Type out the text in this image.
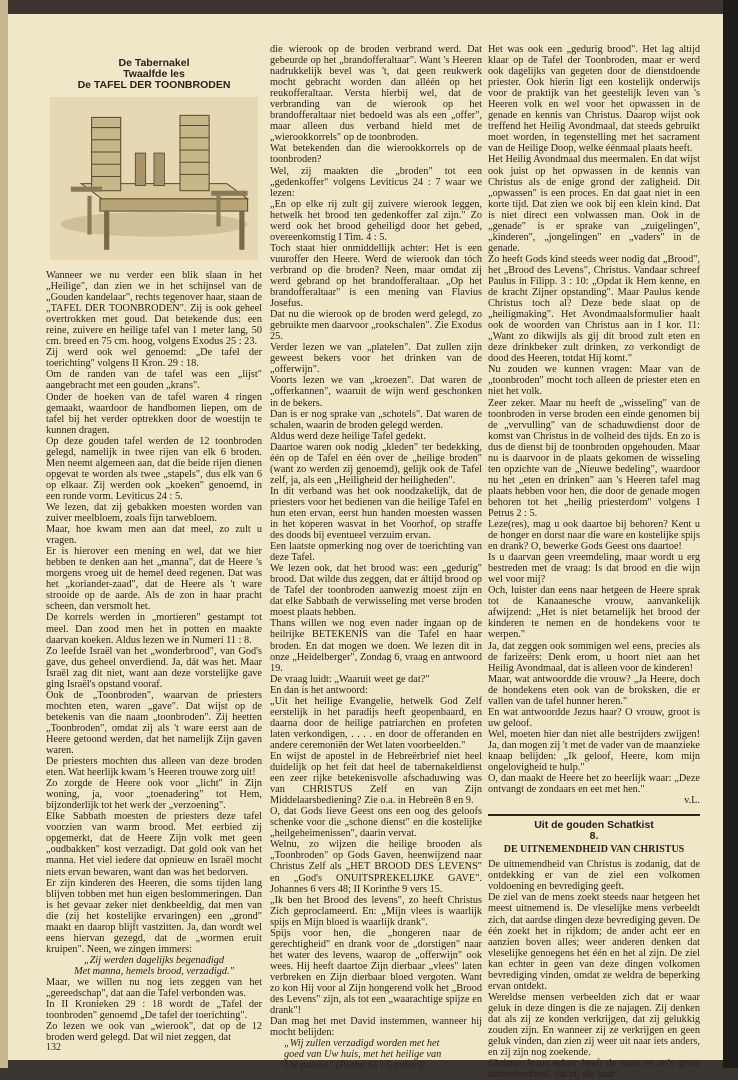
De Tabernakel
Twaalfde les
De TAFEL DER TOONBRODEN

Wanneer we nu verder een blik slaan in het „Heilige", dan zien we in het schijnsel van de „Gouden kandelaar", rechts tegenover haar, staan de „TAFEL DER TOONBRODEN". Zij is ook geheel overtrokken met goud. Dat betekende dus: een reine, zuivere en heilige tafel van 1 meter lang, 50 cm. breed en 75 cm. hoog, volgens Exodus 25 : 23.

Zij werd ook wel genoemd: „De tafel der toerichting" volgens II Kron. 29 : 18.

Om de randen van de tafel was een „lijst" aangebracht met een gouden „krans".

Onder de hoeken van de tafel waren 4 ringen gemaakt, waardoor de handbomen liepen, om de tafel bij het verder optrekken door de woestijn te kunnen dragen.

Op deze gouden tafel werden de 12 toonbroden gelegd, namelijk in twee rijen van elk 6 broden. Men neemt algemeen aan, dat die beide rijen dienen opgevat te worden als twee „stapels", dus elk van 6 op elkaar. Zij werden ook „koeken" genoemd, in een ronde vorm. Leviticus 24 : 5.

We lezen, dat zij gebakken moesten worden van zuiver meelbloem, zoals fijn tarwebloem.

Maar, hoe kwam men aan dat meel, zo zult u vragen.

Er is hierover een mening en wel, dat we hier hebben te denken aan het „manna", dat de Heere 's morgens vroeg uit de hemel deed regenen. Dat was het „koriander-zaad", dat de Heere als 't ware strooide op de aarde. Als de zon in haar pracht scheen, dan versmolt het.

De korrels werden in „mortieren" gestampt tot meel. Dan zood men het in potten en maakte daarvan koeken. Aldus lezen we in Numeri 11 : 8.

Zo leefde Israël van het „wonderbrood", van God's gave, dus geheel onverdiend. Ja, dát was het. Maar Israël zag dit niet, want aan deze vorstelijke gave ging Israël's opstand vooraf.

Ook de „Toonbroden", waarvan de priesters mochten eten, waren „gave". Dat wijst op de betekenis van die naam „toonbroden". Zij heetten „Toonbroden", omdat zij als 't ware eerst aan de Heere getoond werden, dat het namelijk Zijn gaven waren.

De priesters mochten dus alleen van deze broden eten. Wat heerlijk kwam 's Heeren trouwe zorg uit!

Zo zorgde de Heere ook voor „licht" in Zijn woning, ja, voor „toenadering" tot Hem, bijzonderlijk tot het werk der „verzoening".

Elke Sabbath moesten de priesters deze tafel voorzien van warm brood. Met eerbied zij opgemerkt, dat de Heere Zijn volk met geen „oudbakken" kost verzadigt. Dat gold ook van het manna. Het viel iedere dat opnieuw en Israël mocht niets ervan bewaren, want dan was het bedorven.

Er zijn kinderen des Heeren, die soms tijden lang blijven tobben met hun eigen beslommeringen. Dan is het gevaar zeker niet denkbeeldig, dat men van die (zij het kostelijke ervaringen) een „grond" maakt en daarop blijft vastzitten. Ja, dan wordt wel eens hiervan gezegd, dat de „wormen eruit kruipen". Neen, we zingen immers:

„Zij werden dagelijks begenadigd

Met manna, hemels brood, verzadigd."

Maar, we willen nu nog iets zeggen van het „gereedschap", dat aan die Tafel verbonden was.

In II Kronieken 29 : 18 wordt de „Tafel der toonbroden" genoemd „De tafel der toerichting".

Zo lezen we ook van „wierook", dat op de 12 broden werd gelegd. Dat wil niet zeggen, dat

die wierook op de broden verbrand werd. Dat gebeurde op het „brandofferaltaar". Want 's Heeren nadrukkelijk bevel was 't, dat geen reukwerk mocht gebracht worden dan alléén op het reukofferaltaar. Versta hierbij wel, dat de verbranding van de wierook op het brandofferaltaar niet bedoeld was als een „offer", maar alleen dus verband hield met de „wierookkorrels" op de toonbroden.

Wat betekenden dan die wierookkorrels op de toonbroden?

Wel, zij maakten die „broden" tot een „gedenkoffer" volgens Leviticus 24 : 7 waar we lezen:

„En op elke rij zult gij zuivere wierook leggen, hetwelk het brood ten gedenkoffer zal zijn." Zo werd ook het brood geheiligd door het gebed, overeenkomstig I Tim. 4 : 5.

Toch staat hier onmiddellijk achter: Het is een vuuroffer den Heere. Werd de wierook dan tóch verbrand op die broden? Neen, maar omdat zij werd gebrand op het brandofferaltaar. „Op het brandofferaltaar" is een mening van Flavius Josefus.

Dat nu die wierook op de broden werd gelegd, zo gebruikte men daarvoor „rookschalen". Zie Exodus 25.

Verder lezen we van „platelen". Dat zullen zijn geweest bekers voor het drinken van de „offerwijn".

Voorts lezen we van „kroezen". Dat waren de „offerkannen", waaruit de wijn werd geschonken in de bekers.

Dan is er nog sprake van „schotels". Dat waren de schalen, waarin de broden gelegd werden.

Aldus werd deze heilige Tafel gedekt.

Daartoe waren ook nodig „kleden" ter bedekking, één op de Tafel en één over de „heilige broden" (want zo werden zij genoemd), gelijk ook de Tafel zelf, ja, als een „Heiligheid der heiligheden".

In dit verband was het ook noodzakelijk, dat de priesters voor het bedienen van die heilige Tafel en hun eten ervan, eerst hun handen moesten wassen in het koperen wasvat in het Voorhof, op straffe des doods bij eventueel verzuim ervan.

Een laatste opmerking nog over de toerichting van deze Tafel.

We lezen ook, dat het brood was: een „gedurig" brood. Dat wilde dus zeggen, dat er áltijd brood op de Tafel der toonbroden aanwezig moest zijn en dat elke Sabbath de verwisseling met verse broden moest plaats hebben.

Thans willen we nog even nader ingaan op de heilrijke BETEKENIS van die Tafel en haar broden. En dat mogen we doen. We lezen dit in onze „Heidelberger", Zondag 6, vraag en antwoord 19.

De vraag luidt: „Waaruit weet ge dat?"

En dan is het antwoord:

„Uit het heilige Evangelie, hetwelk God Zelf eerstelijk in het paradijs heeft geopenbaard, en daarna door de heilige patriarchen en profeten laten verkondigen, . . . . en door de offeranden en andere ceremoniën der Wet laten voorbeelden."

En wijst de apostel in de Hebreërbrief niet heel duidelijk op het feit dat heel de tabernakeldienst een zeer rijke betekenisvolle afschaduwing was van CHRISTUS Zelf en van Zijn Middelaarsbediening? Zie o.a. in Hebreën 8 en 9.

O, dat Gods lieve Geest ons een oog des geloofs schenke voor die „schone dienst" en die kostelijke „heilgeheimenissen", daarin vervat.

Welnu, zo wijzen die heilige brooden als „Toonbroden" op Gods Gaven, heenwijzend naar Christus Zelf als „HET BROOD DES LEVENS" en „God's ONUITSPREKELIJKE GAVE". Johannes 6 vers 48; II Korinthe 9 vers 15.

„Ik ben het Brood des levens", zo heeft Christus Zich geproclameerd. En: „Mijn vlees is waarlijk spijs en Mijn bloed is waarlijk drank".

Spijs voor hen, die „hongeren naar de gerechtigheid" en drank voor de „dorstigen" naar het water des levens, waarop de „offerwijn" ook wees. Hij heeft daartoe Zijn dierbaar „vlees" laten verbreken en Zijn dierbaar bloed vergoten. Want zo kon Hij voor al Zijn hongerend volk het „Brood des Levens" zijn, als tot een „waarachtige spijze en drank"!

Dan mag het met David instemmen, wanneer hij mocht belijden:

„Wij zullen verzadigd worden met het

goed van Uw huis, met het heilige van

Uw paleis!" (Psalm 65 : 5 onber.).

Het was ook een „gedurig brood". Het lag altijd klaar op de Tafel der Toonbroden, maar er werd ook dagelijks van gegeten door de dienstdoende priester. Ook hierin ligt een kostelijk onderwijs voor de praktijk van het geestelijk leven van 's Heeren volk en wel voor het opwassen in de genade en kennis van Christus. Daarop wijst ook treffend het Heilig Avondmaal, dat steeds gebruikt moet worden, in tegenstelling met het sacrament van de Heilige Doop, welke éénmaal plaats heeft.

Het Heilig Avondmaal dus meermalen. En dat wijst ook juist op het opwassen in de kennis van Christus als de enige grond der zaligheid. Dit „opwassen" is een proces. En dat gaat niet in een korte tijd. Dat zien we ook bij een klein kind. Dat is niet direct een volwassen man. Ook in de „genade" is er sprake van „zuigelingen", „kinderen", „jongelingen" en „vaders" in de genade.

Zo heeft Gods kind steeds weer nodig dat „Brood", het „Brood des Levens", Christus. Vandaar schreef Paulus in Filipp. 3 : 10: „Opdat ik Hem kenne, en de kracht Zijner opstanding". Maar Paulus kende Christus toch al? Deze bede slaat op de „heiligmaking". Het Avondmaalsformulier haalt ook de woorden van Christus aan in I kor. 11: „Want zo dikwijls als gij dit brood zult eten en deze drinkbeker zult drinken, zo verkondigt de dood des Heeren, totdat Hij komt."

Nu zouden we kunnen vragen: Maar van de „toonbroden" mocht toch alleen de priester eten en niet het volk.

Zeer zeker. Maar nu heeft de „wisseling" van de toonbroden in verse broden een einde genomen bij de „vervulling" van de schaduwdienst door de komst van Christus in de volheid des tijds. En zo is dus de dienst bij de toonbroden opgehouden. Maar nu is daarvoor in de plaats gekomen de wisseling ten opzichte van de „Nieuwe bedeling", waardoor nu het „eten en drinken" aan 's Heeren tafel mag plaats hebben voor hen, die door de genade mogen behoren tot het „heilig priesterdom" volgens I Petrus 2 : 5.

Leze(res), mag u ook daartoe bij behoren? Kent u de honger en dorst naar die ware en kostelijke spijs en drank? O, bewerke Gods Geest ons daartoe!

Is u daarvan geen vreemdeling, maar wordt u erg bestreden met de vraag: Is dat brood en die wijn wel voor mij?

Och, luister dan eens naar hetgeen de Heere sprak tot de Kanaanesche vrouw, aanvankelijk afwijzend: „Het is niet betamelijk het brood der kinderen te nemen en de hondekens voor te werpen."

Ja, dat zeggen ook sommigen wel eens, precies als de farizeërs: Denk erom, u hoort niet aan het Heilig Avondmaal, dat is alleen voor de kinderen!

Maar, wat antwoordde die vrouw? „Ja Heere, doch de hondekens eten ook van de broksken, die er vallen van de tafel hunner heren."

En wat antwoordde Jezus haar? O vrouw, groot is uw geloof.

Wel, moeten hier dan niet alle bestrijders zwijgen! Ja, dan mogen zij 't met de vader van de maanzieke knaap belijden: „Ik geloof, Heere, kom mijn ongelovigheid te hulp."

O, dan maakt de Heere het zo heerlijk waar: „Deze ontvangt de zondaars en eet met hen."

v.L.

Uit de gouden Schatkist
8.
DE UITNEMENDHEID VAN CHRISTUS

De uitnemendheid van Christus is zodanig, dat de ontdekking er van de ziel een volkomen voldoening en bevrediging geeft.

De ziel van de mens zoekt steeds naar hetgeen het meest uitnemend is. De vleselijke mens verbeeldt zich, dat aardse dingen deze bevrediging geven. De één zoekt het in rijkdom; de ander acht eer en aanzien boven alles; weer anderen denken dat vleselijke genoegens het één en het al zijn. De ziel kan echter in geen van deze dingen volkomen bevrediging vinden, omdat ze weldra de beperking ervan ontdekt.

Wereldse mensen verbeelden zich dat er waar geluk in deze dingen is die ze najagen. Zij denken dat als zij ze konden verkrijgen, dat zij gelukkig zouden zijn. En wanneer zij ze verkrijgen en geen geluk vinden, dan zien zij weer uit naar iets anders, en zij zijn nog zoekende.

Christus Jezus echter heeft de ware en zo'n grote uitnemendheid, dat zij die haar

132
